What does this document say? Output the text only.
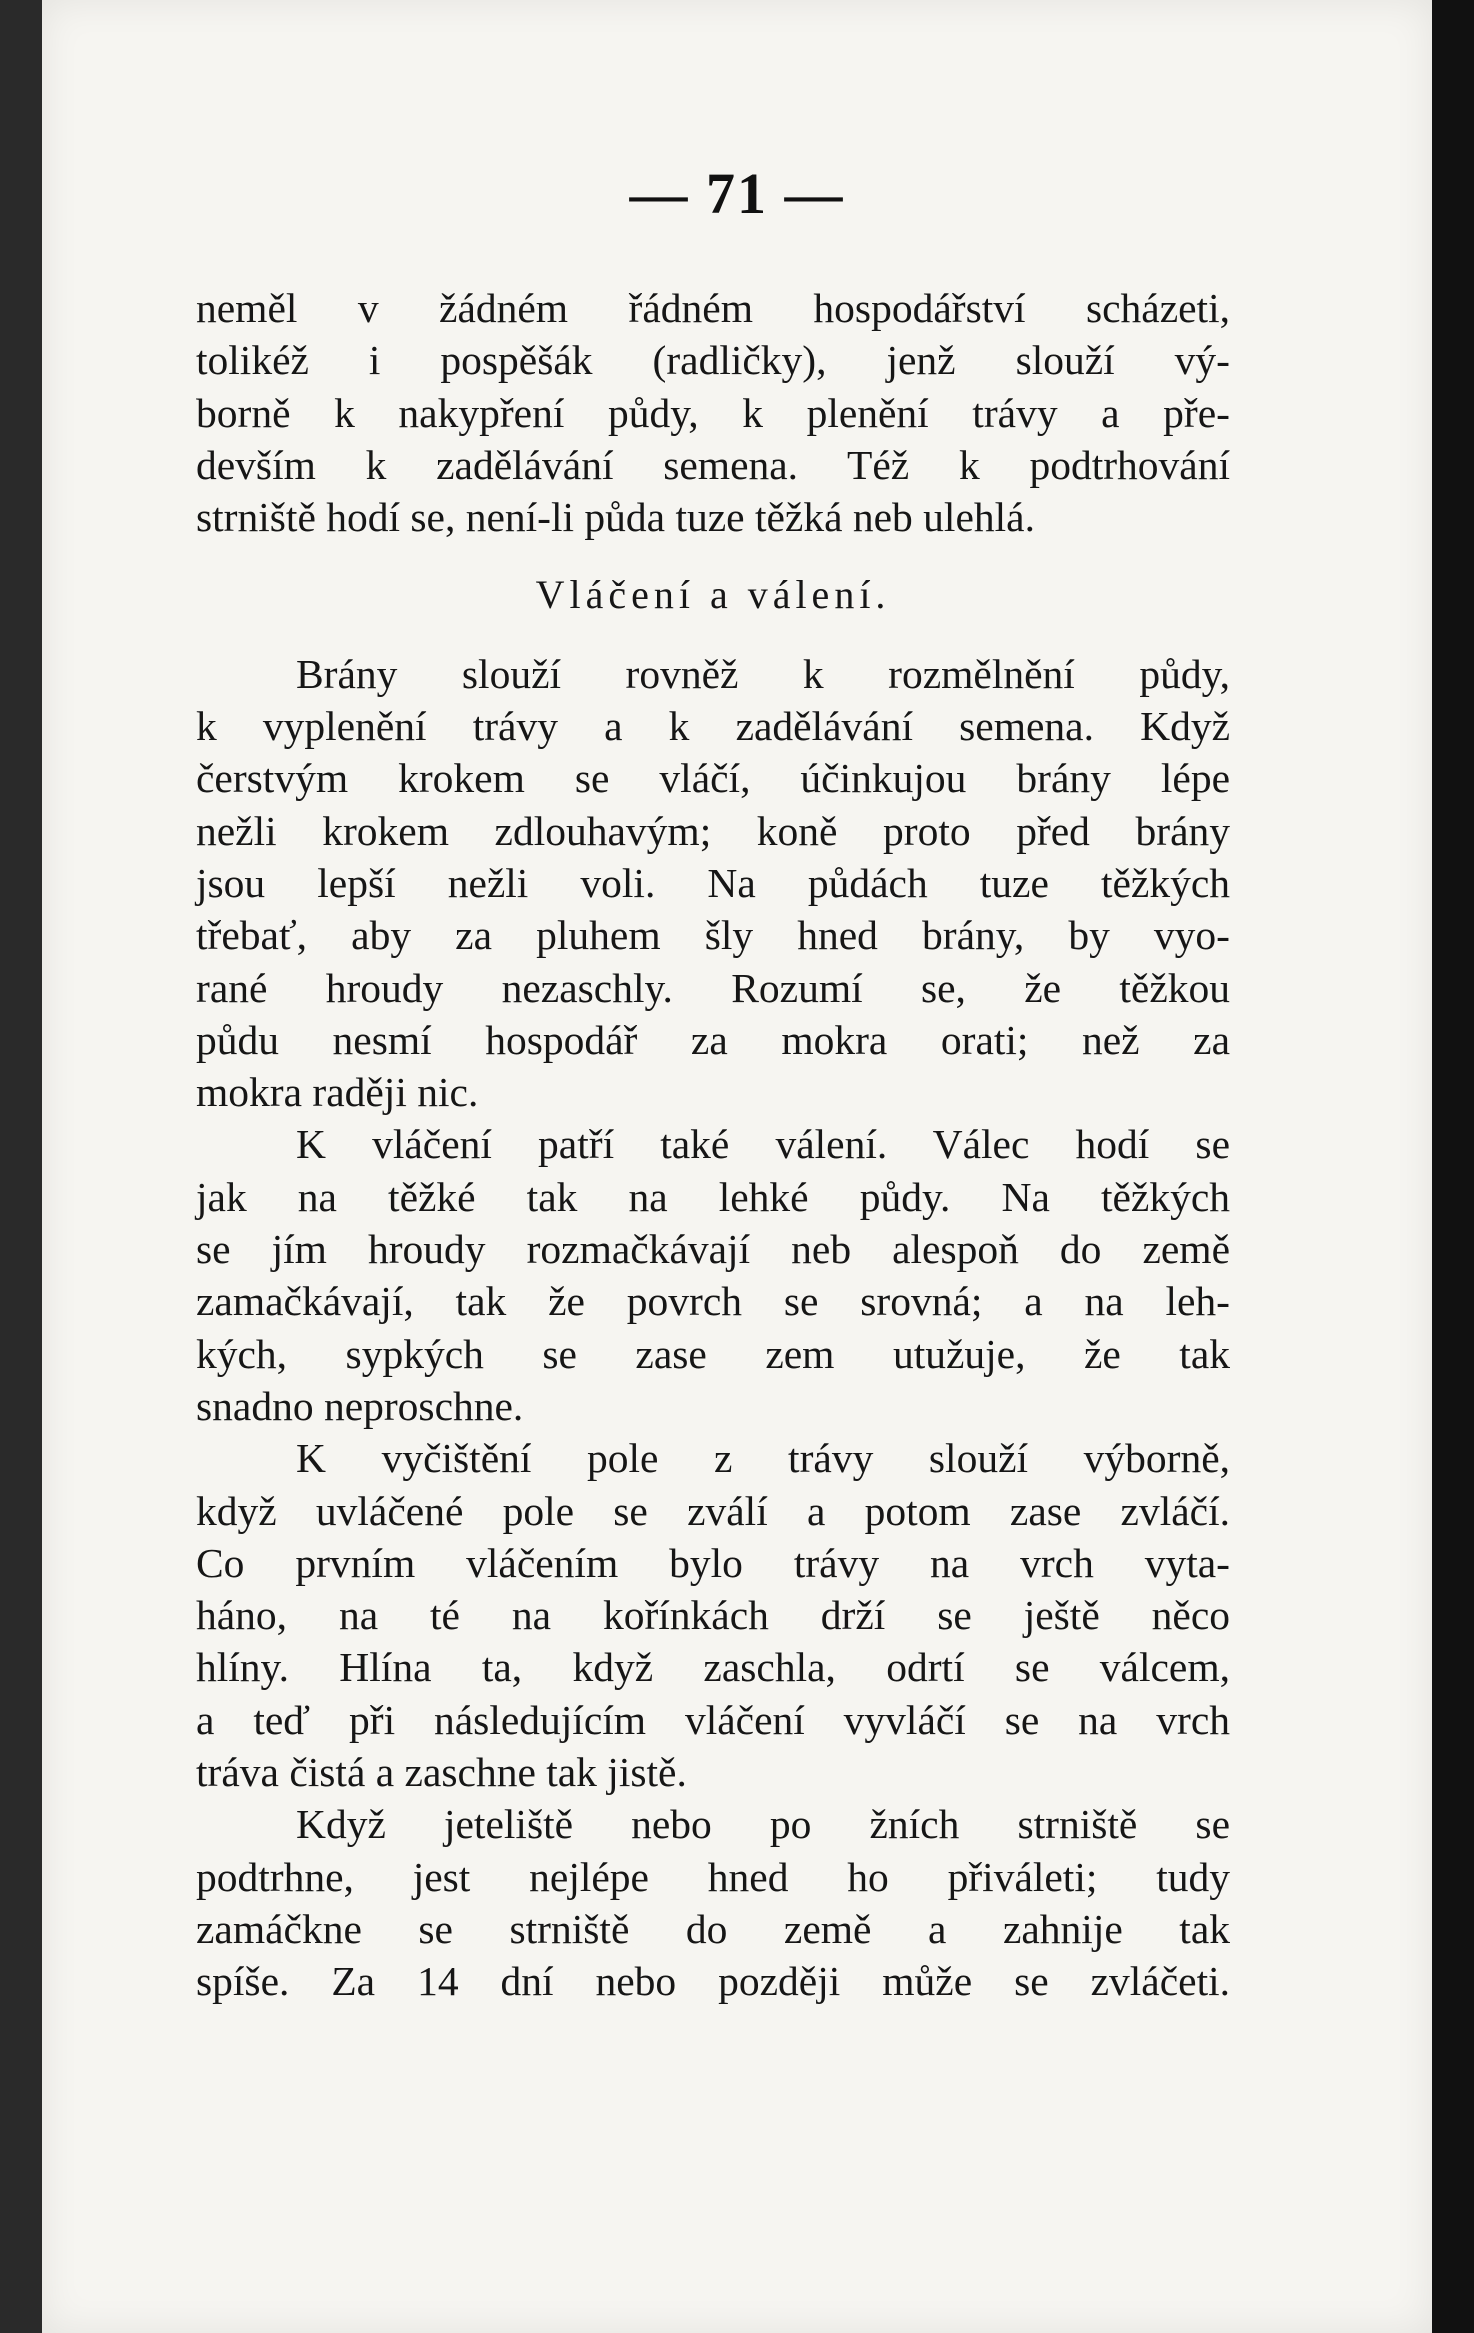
— 71 —
neměl v žádném řádném hospodářství scházeti,
tolikéž i pospěšák (radličky), jenž slouží vý-
borně k nakypření půdy, k plenění trávy a pře-
devším k zadělávání semena. Též k podtrhování
strniště hodí se, není-li půda tuze těžká neb ulehlá.
Vláčení a válení.
Brány slouží rovněž k rozmělnění půdy,
k vyplenění trávy a k zadělávání semena. Když
čerstvým krokem se vláčí, účinkujou brány lépe
nežli krokem zdlouhavým; koně proto před brány
jsou lepší nežli voli. Na půdách tuze těžkých
třebať, aby za pluhem šly hned brány, by vyo-
rané hroudy nezaschly. Rozumí se, že těžkou
půdu nesmí hospodář za mokra orati; než za
mokra raději nic.
K vláčení patří také válení. Válec hodí se
jak na těžké tak na lehké půdy. Na těžkých
se jím hroudy rozmačkávají neb alespoň do země
zamačkávají, tak že povrch se srovná; a na leh-
kých, sypkých se zase zem utužuje, že tak
snadno neproschne.
K vyčištění pole z trávy slouží výborně,
když uvláčené pole se zválí a potom zase zvláčí.
Co prvním vláčením bylo trávy na vrch vyta-
háno, na té na kořínkách drží se ještě něco
hlíny. Hlína ta, když zaschla, odrtí se válcem,
a teď při následujícím vláčení vyvláčí se na vrch
tráva čistá a zaschne tak jistě.
Když jeteliště nebo po žních strniště se
podtrhne, jest nejlépe hned ho přiváleti; tudy
zamáčkne se strniště do země a zahnije tak
spíše. Za 14 dní nebo později může se zvláčeti.
